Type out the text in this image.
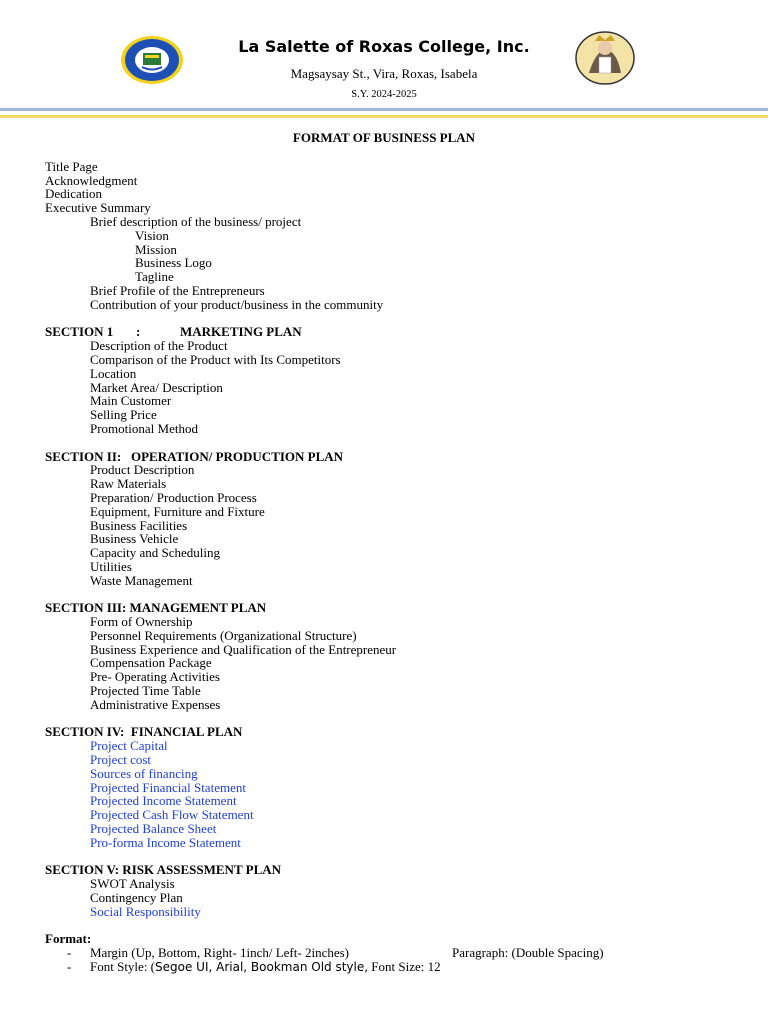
La Salette of Roxas College, Inc.
Magsaysay St., Vira, Roxas, Isabela
S.Y. 2024-2025
FORMAT OF BUSINESS PLAN
Title Page
Acknowledgment
Dedication
Executive Summary
Brief description of the business/ project
Vision
Mission
Business Logo
Tagline
Brief Profile of the Entrepreneurs
Contribution of your product/business in the community
SECTION 1 :	MARKETING PLAN
Description of the Product
Comparison of the Product with Its Competitors
Location
Market Area/ Description
Main Customer
Selling Price
Promotional Method
SECTION II:   OPERATION/ PRODUCTION PLAN
Product Description
Raw Materials
Preparation/ Production Process
Equipment, Furniture and Fixture
Business Facilities
Business Vehicle
Capacity and Scheduling
Utilities
Waste Management
SECTION III: MANAGEMENT PLAN
Form of Ownership
Personnel Requirements (Organizational Structure)
Business Experience and Qualification of the Entrepreneur
Compensation Package
Pre- Operating Activities
Projected Time Table
Administrative Expenses
SECTION IV:  FINANCIAL PLAN
Project Capital
Project cost
Sources of financing
Projected Financial Statement
Projected Income Statement
Projected Cash Flow Statement
Projected Balance Sheet
Pro-forma Income Statement
SECTION V: RISK ASSESSMENT PLAN
SWOT Analysis
Contingency Plan
Social Responsibility
Format:
- Margin (Up, Bottom, Right- 1inch/ Left- 2inches)	Paragraph: (Double Spacing)
- Font Style: (Segoe UI, Arial, Bookman Old style, Font Size: 12
